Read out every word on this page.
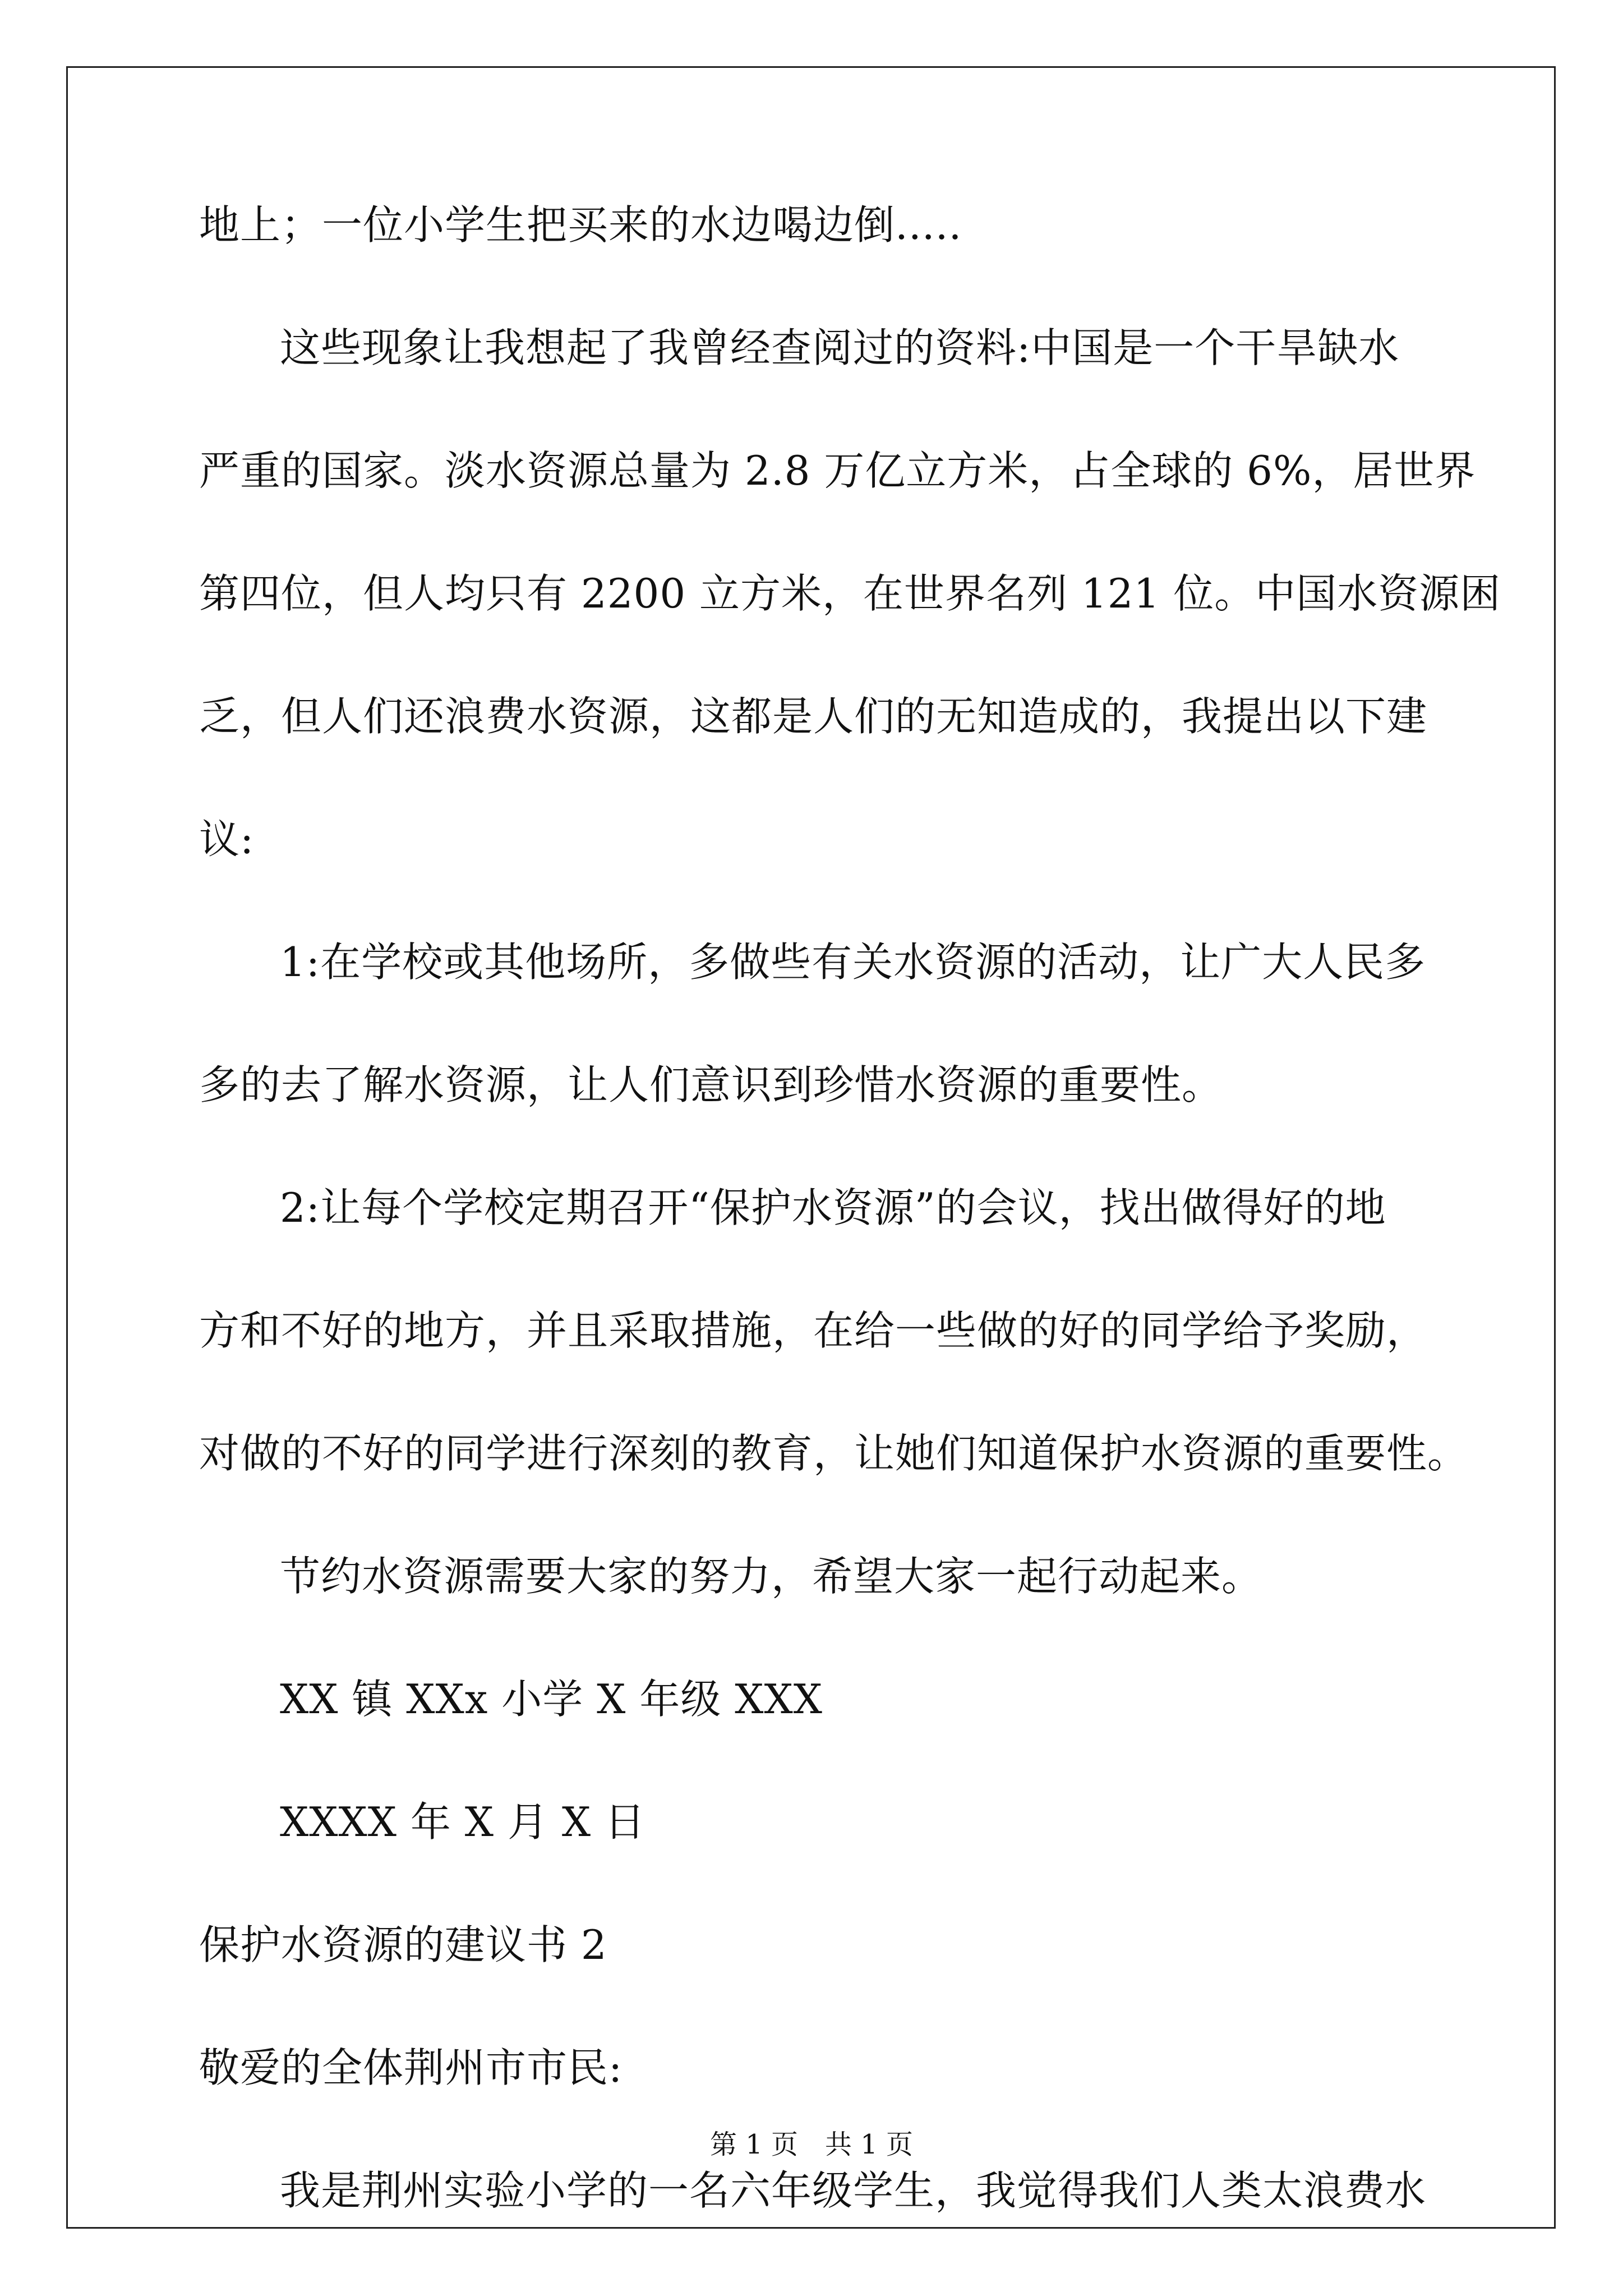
地上；一位小学生把买来的水边喝边倒.....
这些现象让我想起了我曾经查阅过的资料:中国是一个干旱缺水
严重的国家。淡水资源总量为 2.8 万亿立方米，占全球的 6%，居世界
第四位，但人均只有 2200 立方米，在世界名列 121 位。中国水资源困
乏，但人们还浪费水资源，这都是人们的无知造成的，我提出以下建
议:
1:在学校或其他场所，多做些有关水资源的活动，让广大人民多
多的去了解水资源，让人们意识到珍惜水资源的重要性。
2:让每个学校定期召开“保护水资源”的会议，找出做得好的地
方和不好的地方，并且采取措施，在给一些做的好的同学给予奖励，
对做的不好的同学进行深刻的教育，让她们知道保护水资源的重要性。
节约水资源需要大家的努力，希望大家一起行动起来。
XX 镇 XXx 小学 X 年级 XXX
XXXX 年 X 月 X 日
保护水资源的建议书 2
敬爱的全体荆州市市民:
我是荆州实验小学的一名六年级学生，我觉得我们人类太浪费水
第 1 页 共 1 页
